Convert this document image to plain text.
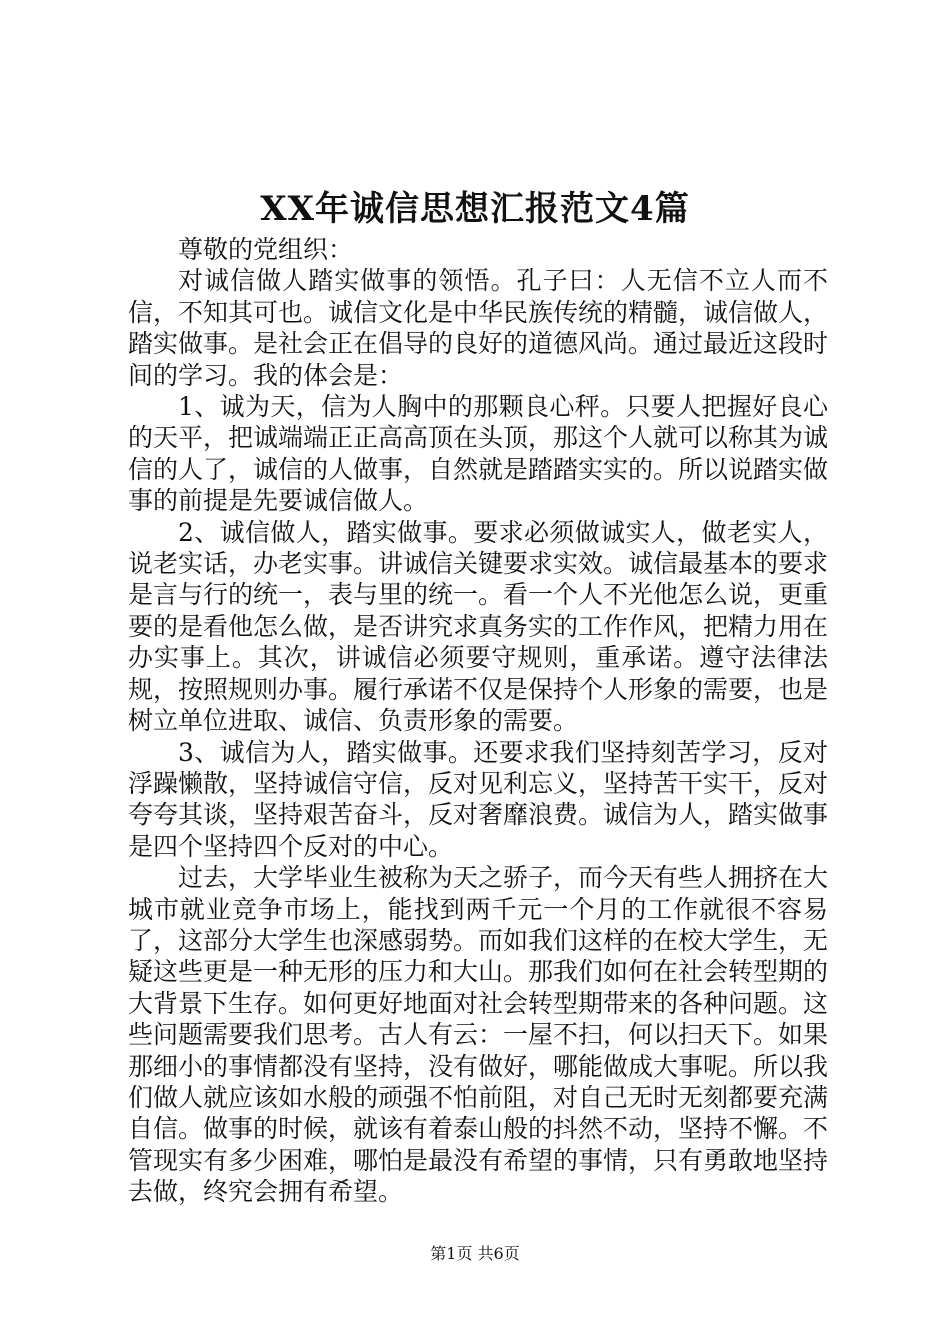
XX年诚信思想汇报范文4篇

尊敬的党组织：

对诚信做人踏实做事的领悟。孔子曰：人无信不立人而不信，不知其可也。诚信文化是中华民族传统的精髓，诚信做人，踏实做事。是社会正在倡导的良好的道德风尚。通过最近这段时间的学习。我的体会是：

1、诚为天，信为人胸中的那颗良心秤。只要人把握好良心的天平，把诚端端正正高高顶在头顶，那这个人就可以称其为诚信的人了，诚信的人做事，自然就是踏踏实实的。所以说踏实做事的前提是先要诚信做人。

2、诚信做人，踏实做事。要求必须做诚实人，做老实人，说老实话，办老实事。讲诚信关键要求实效。诚信最基本的要求是言与行的统一，表与里的统一。看一个人不光他怎么说，更重要的是看他怎么做，是否讲究求真务实的工作作风，把精力用在办实事上。其次，讲诚信必须要守规则，重承诺。遵守法律法规，按照规则办事。履行承诺不仅是保持个人形象的需要，也是树立单位进取、诚信、负责形象的需要。

3、诚信为人，踏实做事。还要求我们坚持刻苦学习，反对浮躁懒散，坚持诚信守信，反对见利忘义，坚持苦干实干，反对夸夸其谈，坚持艰苦奋斗，反对奢靡浪费。诚信为人，踏实做事是四个坚持四个反对的中心。

过去，大学毕业生被称为天之骄子，而今天有些人拥挤在大城市就业竞争市场上，能找到两千元一个月的工作就很不容易了，这部分大学生也深感弱势。而如我们这样的在校大学生，无疑这些更是一种无形的压力和大山。那我们如何在社会转型期的大背景下生存。如何更好地面对社会转型期带来的各种问题。这些问题需要我们思考。古人有云：一屋不扫，何以扫天下。如果那细小的事情都没有坚持，没有做好，哪能做成大事呢。所以我们做人就应该如水般的顽强不怕前阻，对自己无时无刻都要充满自信。做事的时候，就该有着泰山般的抖然不动，坚持不懈。不管现实有多少困难，哪怕是最没有希望的事情，只有勇敢地坚持去做，终究会拥有希望。

第1页 共6页
